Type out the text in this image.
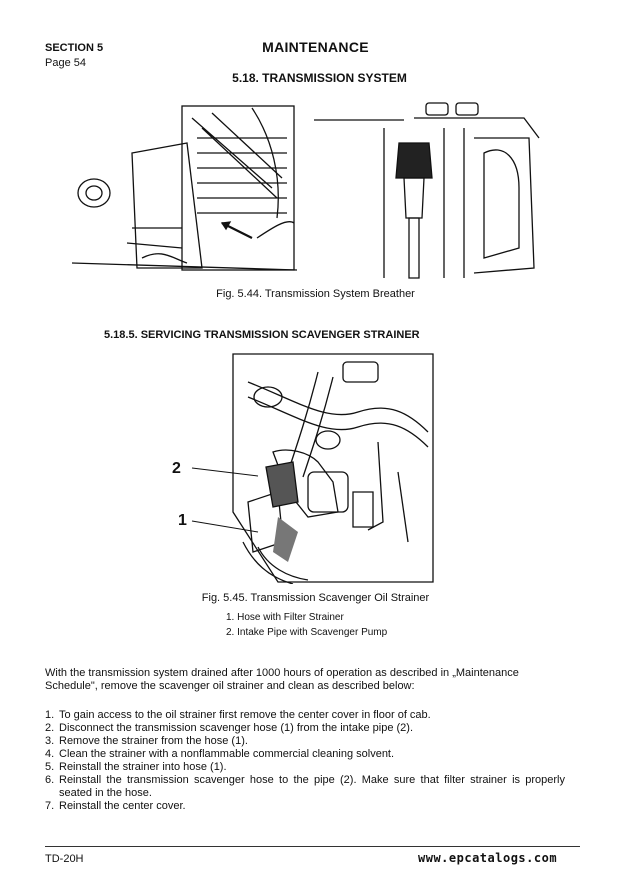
SECTION 5
Page 54
MAINTENANCE
5.18. TRANSMISSION SYSTEM
Fig. 5.44. Transmission System Breather
5.18.5. SERVICING TRANSMISSION SCAVENGER STRAINER
2
1
Fig. 5.45. Transmission Scavenger Oil Strainer
1. Hose with Filter Strainer
2. Intake Pipe with Scavenger Pump
With the transmission system drained after 1000 hours of operation as described in „Maintenance Schedule", remove the scavenger oil strainer and clean as described below:
1. To gain access to the oil strainer first remove the center cover in floor of cab.
2. Disconnect the transmission scavenger hose (1) from the intake pipe (2).
3. Remove the strainer from the hose (1).
4. Clean the strainer with a nonflammable commercial cleaning solvent.
5. Reinstall the strainer into hose (1).
6. Reinstall the transmission scavenger hose to the pipe (2). Make sure that filter strainer is properly seated in the hose.
7. Reinstall the center cover.
TD-20H	www.epcatalogs.com
